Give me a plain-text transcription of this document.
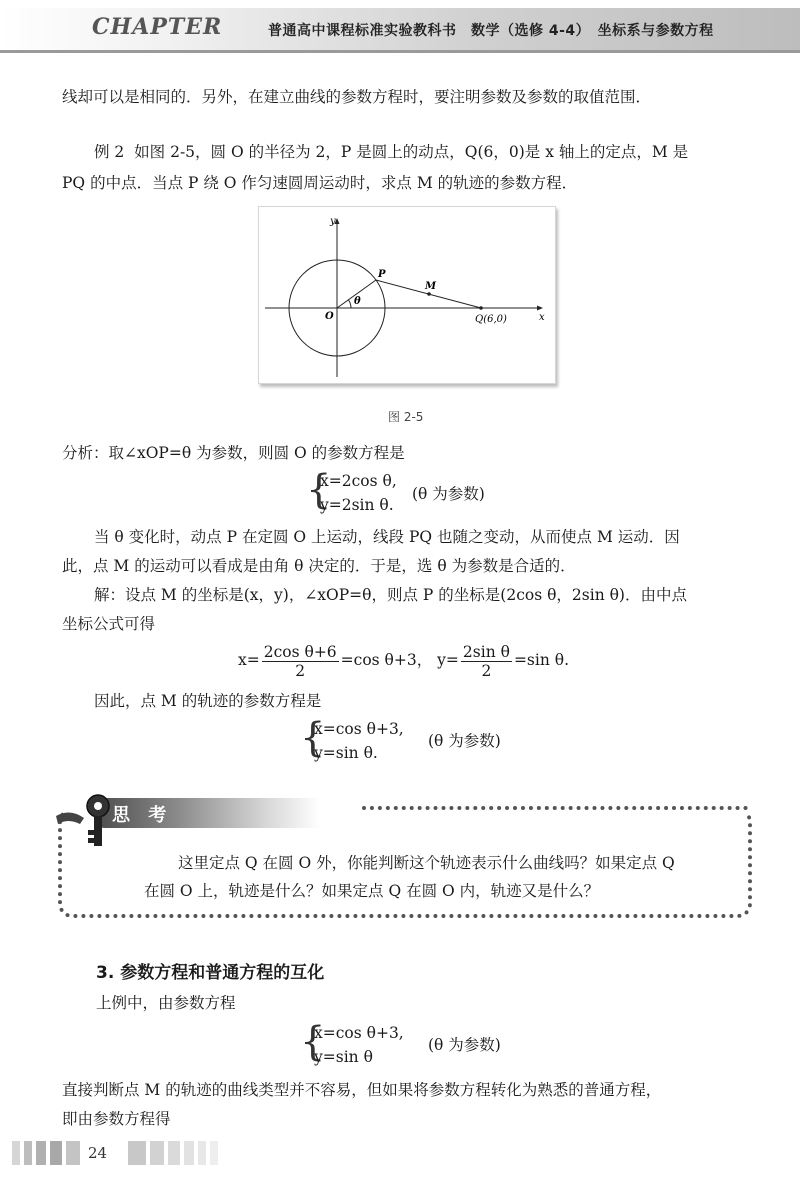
CHAPTER	普通高中课程标准实验教科书　数学（选修 4-4）　坐标系与参数方程
线却可以是相同的．另外，在建立曲线的参数方程时，要注明参数及参数的取值范围．
例 2 如图 2-5，圆 O 的半径为 2，P 是圆上的动点，Q(6，0)是 x 轴上的定点，M 是
PQ 的中点．当点 P 绕 O 作匀速圆周运动时，求点 M 的轨迹的参数方程．
y
x
O
P
M
Q(6,0)
θ
图 2-5
分析：取∠xOP=θ 为参数，则圆 O 的参数方程是
{
x=2cos θ,
y=2sin θ.
(θ 为参数)
当 θ 变化时，动点 P 在定圆 O 上运动，线段 PQ 也随之变动，从而使点 M 运动．因
此，点 M 的运动可以看成是由角 θ 决定的．于是，选 θ 为参数是合适的．
解：设点 M 的坐标是(x，y)，∠xOP=θ，则点 P 的坐标是(2cos θ，2sin θ)．由中点
坐标公式可得
$x= \frac{\text{2cos θ+6}}{2} =\cos$ θ+3， $y= \frac{\text{2sin θ}}{2} =\sin$ θ.
因此，点 M 的轨迹的参数方程是
{
x=cos θ+3,
y=sin θ.
(θ 为参数)
思 考
这里定点 Q 在圆 O 外，你能判断这个轨迹表示什么曲线吗？如果定点 Q
在圆 O 上，轨迹是什么？如果定点 Q 在圆 O 内，轨迹又是什么？
3. 参数方程和普通方程的互化
上例中，由参数方程
{
x=cos θ+3,
y=sin θ
(θ 为参数)
直接判断点 M 的轨迹的曲线类型并不容易，但如果将参数方程转化为熟悉的普通方程，
即由参数方程得
24
